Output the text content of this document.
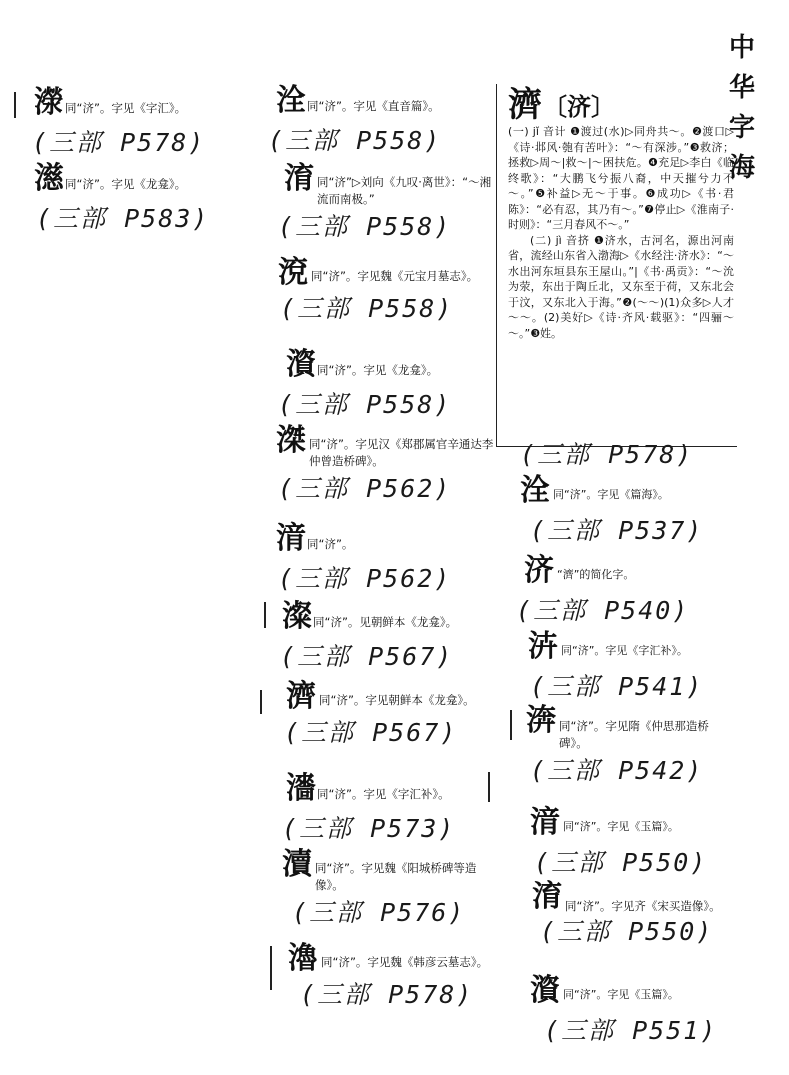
中
华
字
海
濴 同“济”。字见《字汇》。
(三部 P578)
濨 同“济”。字见《龙龛》。
(三部 P583)
洤 同“济”。字见《直音篇》。
(三部 P558)
淯 同“济”▷刘向《九叹·离世》：“～湘流而南极。”
(三部 P558)
渷 同“济”。字见魏《元宝月墓志》。
(三部 P558)
澬 同“济”。字见《龙龛》。
(三部 P558)
滐 同“济”。字见汉《郑郡属官辛通达李仲曾造桥碑》。
(三部 P562)
湇 同“济”。
(三部 P562)
澯 同“济”。见朝鲜本《龙龛》。
(三部 P567)
濟 同“济”。字见朝鲜本《龙龛》。
(三部 P567)
瀒 同“济”。字见《字汇补》。
(三部 P573)
瀆 同“济”。字见魏《阳城桥碑等造像》。
(三部 P576)
瀂 同“济”。字见魏《韩彦云墓志》。
(三部 P578)
濟 〔济〕

(一) jǐ 音计 ❶渡过(水)▷同舟共～。❷渡口▷《诗·邶风·匏有苦叶》：“～有深涉。”❸救济；拯救▷周～|救～|～困扶危。❹充足▷李白《临终歌》：“大鹏飞兮振八裔，中天摧兮力不～。”❺补益▷无～于事。❻成功▷《书·君陈》：“必有忍，其乃有～。”❼停止▷《淮南子·时则》：“三月春风不～。”

(二) jì 音挤 ❶济水，古河名，源出河南省，流经山东省入渤海▷《水经注·济水》：“～水出河东垣县东王屋山。”|《书·禹贡》：“～沇为荥，东出于陶丘北，又东至于荷，又东北会于汶，又东北入于海。”❷(～～)(1)众多▷人才～～。(2)美好▷《诗·齐风·载驱》：“四骊～～。”❸姓。

(三部 P578)
洤 同“济”。字见《篇海》。
(三部 P537)
济 “濟”的简化字。
(三部 P540)
泋 同“济”。字见《字汇补》。
(三部 P541)
渀 同“济”。字见隋《仲思那造桥碑》。
(三部 P542)
湇 同“济”。字见《玉篇》。
(三部 P550)
淯 同“济”。字见齐《宋买造像》。
(三部 P550)
澬 同“济”。字见《玉篇》。
(三部 P551)
